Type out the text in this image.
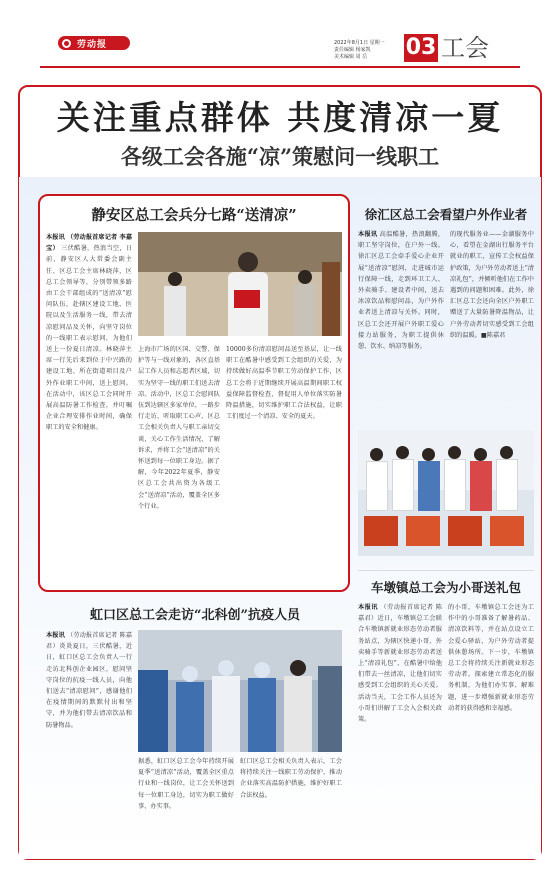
劳动报	2022年8月1日 星期一
责任编辑 杨家凯
美术编辑 周 岳	03 工会
关注重点群体 共度清凉一夏
各级工会各施“凉”策慰问一线职工
静安区总工会兵分七路“送清凉”
本报讯 （劳动报首席记者 李嘉宝） 三伏酷暑，热浪当空，日前，静安区人大常委会副主任、区总工会主席林晓萍，区总工会领导等，分别带领多路由工会干部组成的“送清凉”慰问队伍，赴辖区建设工地、医院以及生活服务一线，带去清凉慰问品及关怀，向坚守岗位的一线职工表示慰问，为他们送上一份夏日清凉。林晓萍主席一行先后来到位于中兴路的建设工地、所在街道项目及户外作业职工中间，送上慰问。在活动中，该区总工会同时开展高温防暑工作检查，并叮嘱企业合理安排作业时间，确保职工的安全和健康。
上海市广场的区国、交警、保护等与一线对象的，各区直基层工作人员和志愿者区域，切实为坚守一线的职工们送去清凉。活动中，区总工会慰问队伍到达辖区多家单位，一路步行走访，听取职工心声，区总工会相关负责人与职工亲切交谈，关心工作生活情况，了解诉求，并将工会“送清凉”的关怀送到每一位职工身边。据了解，今年2022年夏季，静安区总工会共出资为各级工会“送清凉”活动，覆盖全区多个行业。
10000多份清凉慰问品送至基层，让一线职工在酷暑中感受到工会组织的关爱，为持续做好高温季节职工劳动保护工作，区总工会将于近期继续开展高温期间职工权益保障监督检查，督促用人单位落实防暑降温措施，切实维护职工合法权益，让职工们度过一个清凉、安全的夏天。
徐汇区总工会看望户外作业者
本报讯 高温酷暑，热浪翻腾，职工坚守岗位，在户外一线。徐汇区总工会牵手爱心企业开展“送清凉”慰问，走进城市运行保障一线，走到环卫工人、外卖骑手、建设者中间，送去冰凉饮品和慰问品，为户外作业者送上清凉与关怀。同时，区总工会还开展户外职工爱心接力站服务，为职工提供休憩、饮水、纳凉等服务。
的现代服务业——金湖服务中心，看望在金湖出行服务平台就业的职工，宣传工会权益保护政策，为户外劳动者送上“清凉礼包”，并倾听他们在工作中遇到的问题和困难。此外，徐汇区总工会还向全区户外职工赠送了大量防暑降温物品，让户外劳动者切实感受到工会组织的温暖。■陈嘉君
车墩镇总工会为小哥送礼包
本报讯 （劳动报首席记者 陈嘉君）近日，车墩镇总工会联合车墩镇新就业形态劳动者服务站点，为辖区快递小哥、外卖骑手等新就业形态劳动者送上“清凉礼包”，在酷暑中给他们带去一丝清凉，让他们切实感受到工会组织的关心关爱。活动当天，工会工作人员还为小哥们讲解了工会入会相关政策。
的小哥，车墩镇总工会还为工作中的小哥准备了解暑药品、清凉饮料等，并在站点设立工会爱心驿站，为户外劳动者提供休憩场所。下一步，车墩镇总工会将持续关注新就业形态劳动者，探索建立常态化的服务机制，为他们办实事、解难题，进一步增强新就业形态劳动者的获得感和幸福感。
虹口区总工会走访“北科创”抗疫人员
本报讯 （劳动报首席记者 陈嘉君）炎炎夏日，三伏酷暑，近日，虹口区总工会负责人一行走访北科创企业园区，慰问坚守岗位的抗疫一线人员，向他们送去“清凉慰问”，感谢他们在疫情期间的默默付出和坚守，并为他们带去清凉饮品和防暑物品。
据悉，虹口区总工会今年持续开展夏季“送清凉”活动，覆盖全区重点行业和一线岗位，让工会关怀送到每一位职工身边，切实为职工做好事、办实事。
虹口区总工会相关负责人表示，工会将持续关注一线职工劳动保护，推动企业落实高温防护措施，维护好职工合法权益。
